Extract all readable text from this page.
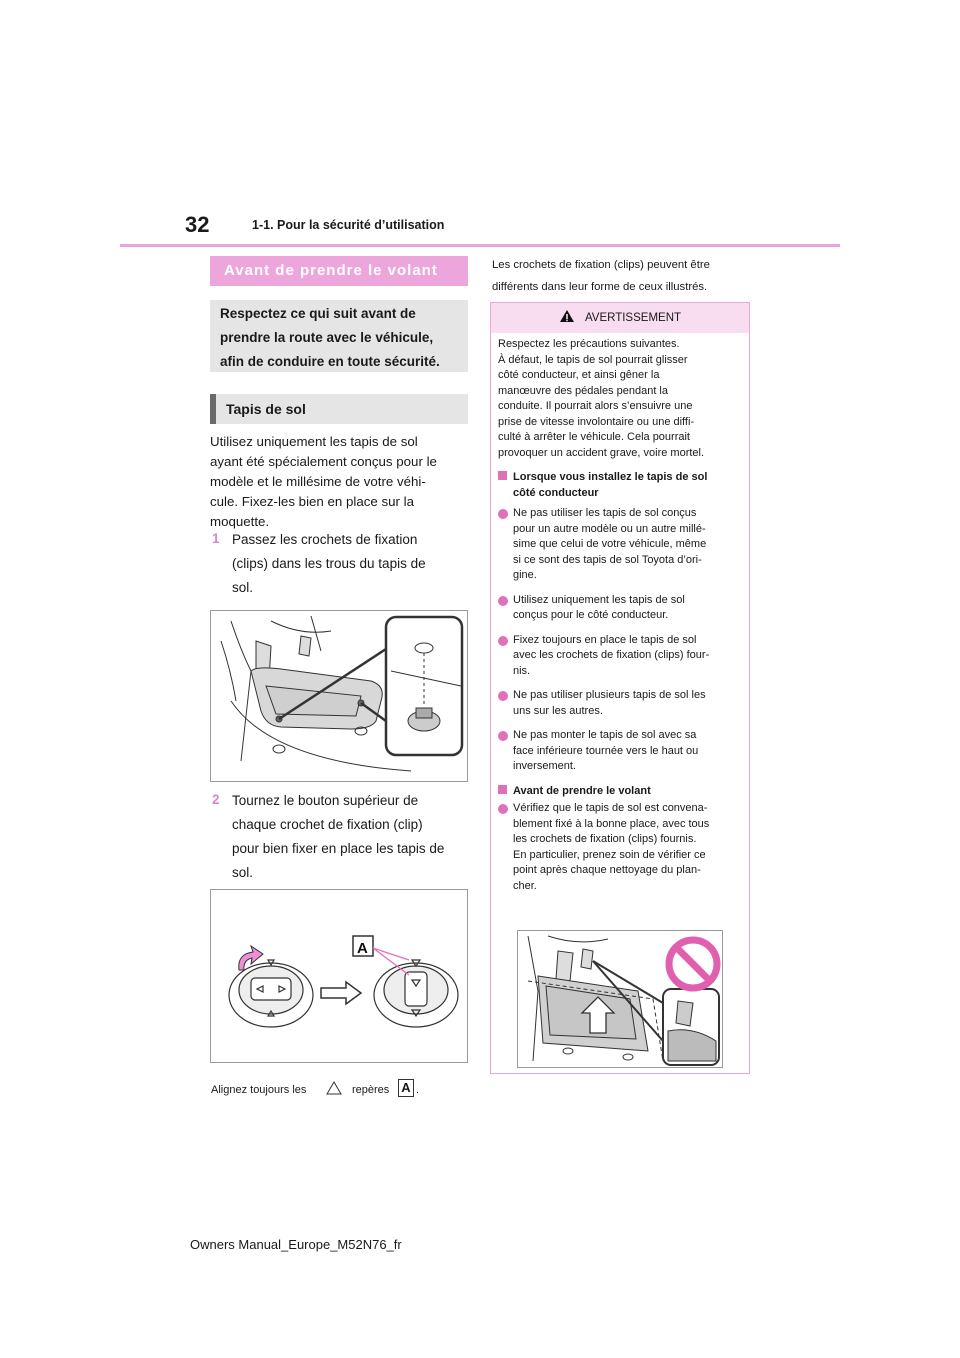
32	1-1. Pour la sécurité d’utilisation
Avant de prendre le volant
Respectez ce qui suit avant de
prendre la route avec le véhicule,
afin de conduire en toute sécurité.
Tapis de sol
Utilisez uniquement les tapis de sol
ayant été spécialement conçus pour le
modèle et le millésime de votre véhi-
cule. Fixez-les bien en place sur la
moquette.
1 Passez les crochets de fixation
(clips) dans les trous du tapis de
sol.
2 Tournez le bouton supérieur de
chaque crochet de fixation (clip)
pour bien fixer en place les tapis de
sol.
A
Alignez toujours les	repères A .
Les crochets de fixation (clips) peuvent être
différents dans leur forme de ceux illustrés.
AVERTISSEMENT
Respectez les précautions suivantes.
À défaut, le tapis de sol pourrait glisser
côté conducteur, et ainsi gêner la
manœuvre des pédales pendant la
conduite. Il pourrait alors s’ensuivre une
prise de vitesse involontaire ou une diffi-
culté à arrêter le véhicule. Cela pourrait
provoquer un accident grave, voire mortel.
Lorsque vous installez le tapis de sol
côté conducteur
Ne pas utiliser les tapis de sol conçus
pour un autre modèle ou un autre millé-
sime que celui de votre véhicule, même
si ce sont des tapis de sol Toyota d’ori-
gine.
Utilisez uniquement les tapis de sol
conçus pour le côté conducteur.
Fixez toujours en place le tapis de sol
avec les crochets de fixation (clips) four-
nis.
Ne pas utiliser plusieurs tapis de sol les
uns sur les autres.
Ne pas monter le tapis de sol avec sa
face inférieure tournée vers le haut ou
inversement.
Avant de prendre le volant
Vérifiez que le tapis de sol est convena-
blement fixé à la bonne place, avec tous
les crochets de fixation (clips) fournis.
En particulier, prenez soin de vérifier ce
point après chaque nettoyage du plan-
cher.
Owners Manual_Europe_M52N76_fr
